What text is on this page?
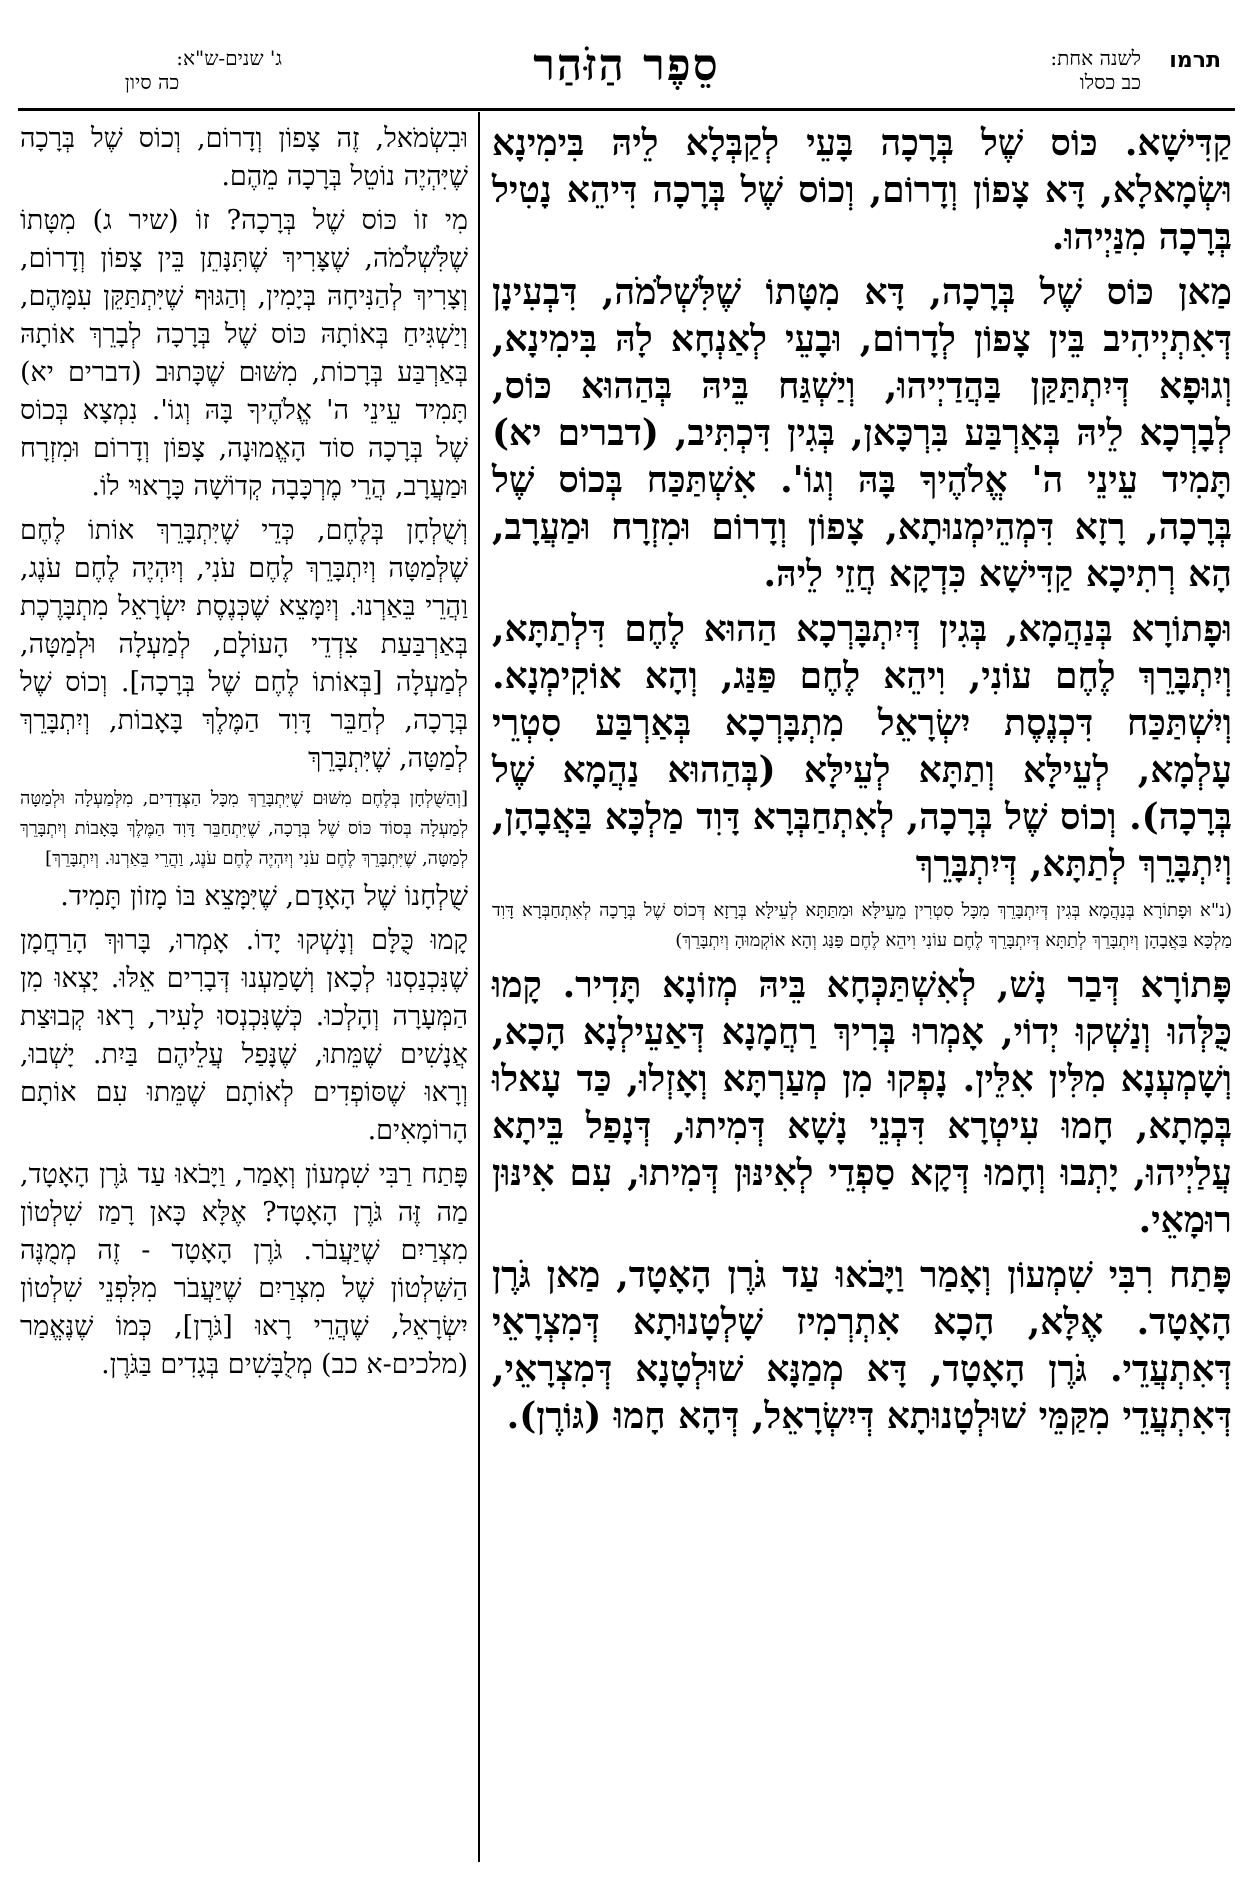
תרמו
לשנה אחת:
כב כסלו
סֵפֶר הַזֹּהַר
ג' שנים-ש"א:
כה סיון

קַדִּישָׁא. כּוֹס שֶׁל בְּרָכָה בָּעֵי לְקַבְּלָא לֵיהּ בִּימִינָא וּשְׂמָאלָא, דָּא צָפוֹן וְדָרוֹם, וְכוֹס שֶׁל בְּרָכָה דִּיהֵא נָטִיל בְּרָכָה מִנַּיְיהוּ.

מַאן כּוֹס שֶׁל בְּרָכָה, דָּא מִטָּתוֹ שֶׁלִּשְׁלֹמֹה, דִּבְעִינָן דְּאִתְיְיהִיב בֵּין צָפוֹן לְדָרוֹם, וּבָעֵי לְאַנְחָא לָהּ בִּימִינָא, וְגוּפָא דְּיִתְתַּקַּן בַּהֲדַיְיהוּ, וְיַשְׁגַּח בֵּיהּ בְּהַהוּא כּוֹס, לְבָרְכָא לֵיהּ בְּאַרְבַּע בִּרְכָּאן, בְּגִין דִּכְתִּיב, (דברים יא) תָּמִיד עֵינֵי ה' אֱלֹהֶיךָ בָּהּ וְגוֹ'. אִשְׁתַּכַּח בְּכוֹס שֶׁל בְּרָכָה, רָזָא דִּמְהֵימְנוּתָא, צָפוֹן וְדָרוֹם וּמִזְרָח וּמַעֲרָב, הָא רְתִיכָא קַדִּישָׁא כִּדְקָא חֲזֵי לֵיהּ.

וּפָתוֹרָא בְּנַהֲמָא, בְּגִין דְּיִתְבָּרְכָא הַהוּא לֶחֶם דִּלְתַתָּא, וְיִתְבָּרֵךְ לֶחֶם עוֹנִי, וִיהֵא לֶחֶם פַּנַּג, וְהָא אוֹקִימְנָא. וְיִשְׁתַּכַּח דִּכְנֶסֶת יִשְׂרָאֵל מִתְבָּרְכָא בְּאַרְבַּע סִטְרֵי עָלְמָא, לְעֵילָּא וְתַתָּא לְעֵילָּא (בְּהַהוּא נַהֲמָא שֶׁל בְּרָכָה). וְכוֹס שֶׁל בְּרָכָה, לְאִתְחַבְּרָא דָּוִד מַלְכָּא בַּאֲבָהָן, וְיִתְבָּרֵךְ לְתַתָּא, דְּיִתְבָּרֵךְ

(נ"א וּפָתוֹרָא בְּנַהֲמָא בְּגִין דְּיִתְבָּרֵךְ מִכָּל סִטְרִין מֵעֵילָּא וּמִתַּתָּא לְעֵילָּא בְּרָזָא דְּכוֹס שֶׁל בְּרָכָה לְאִתְחַבְּרָא דָּוִד מַלְכָּא בַּאֲבָהָן וְיִתְבָּרֵךְ לְתַתָּא דְּיִתְבָּרֵךְ לֶחֶם עוֹנִי וִיהֵא לֶחֶם פַּנַּג וְהָא אוֹקְמוּהָ וְיִתְבָּרֵךְ)

פָּתוֹרָא דְּבַר נָשׁ, לְאִשְׁתַּכְּחָא בֵּיהּ מְזוֹנָא תָּדִיר. קָמוּ כֻּלְּהוּ וְנַשְׁקוּ יְדוֹי, אָמְרוּ בְּרִיךְ רַחֲמָנָא דְּאַעֵילְנָא הָכָא, וְשָׁמְעְנָא מִלִּין אִלֵּין. נָפְקוּ מִן מְעַרְתָּא וְאָזְלוּ, כַּד עָאלוּ בְּמָתָא, חָמוּ עִיטְרָא דִּבְנֵי נָשָׁא דְּמִיתוּ, דְּנָפַל בֵּיתָא עֲלַיְיהוּ, יָתְבוּ וְחָמוּ דְּקָא סַפְדֵי לְאִינּוּן דְּמִיתוּ, עִם אִינּוּן רוּמָאֵי.

פָּתַח רִבִּי שִׁמְעוֹן וְאָמַר וַיָּבֹאוּ עַד גֹּרֶן הָאָטָד, מַאן גֹּרֶן הָאָטָד. אֶלָּא, הָכָא אִתְרְמִיז שָׁלְטָנוּתָא דְּמִצְרָאֵי דְּאִתְעֲדֵי. גֹּרֶן הָאָטָד, דָּא מְמַנָּא שׁוּלְטָנָא דְּמִצְרָאֵי, דְּאִתְעֲדֵי מִקַּמֵּי שׁוּלְטָנוּתָא דְּיִשְׂרָאֵל, דְּהָא חָמוּ (גּוֹרֶן).

וּבִשְׂמֹאל, זֶה צָפוֹן וְדָרוֹם, וְכוֹס שֶׁל בְּרָכָה שֶׁיִּהְיֶה נוֹטֵל בְּרָכָה מֵהֶם.

מִי זוֹ כּוֹס שֶׁל בְּרָכָה? זוֹ (שיר ג) מִטָּתוֹ שֶׁלִּשְׁלֹמֹה, שֶׁצָּרִיךְ שֶׁתִּנָּתֵן בֵּין צָפוֹן וְדָרוֹם, וְצָרִיךְ לְהַנִּיחָהּ בְּיָמִין, וְהַגּוּף שֶׁיִּתְתַּקֵּן עִמָּהֶם, וְיַשְׁגִּיחַ בְּאוֹתָהּ כּוֹס שֶׁל בְּרָכָה לְבָרֵךְ אוֹתָהּ בְּאַרְבַּע בְּרָכוֹת, מִשּׁוּם שֶׁכָּתוּב (דברים יא) תָּמִיד עֵינֵי ה' אֱלֹהֶיךָ בָּהּ וְגוֹ'. נִמְצָא בְּכוֹס שֶׁל בְּרָכָה סוֹד הָאֱמוּנָה, צָפוֹן וְדָרוֹם וּמִזְרָח וּמַעֲרָב, הֲרֵי מֶרְכָּבָה קְדוֹשָׁה כָּרָאוּי לוֹ.

וְשֻׁלְחָן בְּלֶחֶם, כְּדֵי שֶׁיִּתְבָּרֵךְ אוֹתוֹ לֶחֶם שֶׁלְּמַטָּה וְיִתְבָּרֵךְ לֶחֶם עֹנִי, וְיִהְיֶה לֶחֶם עֹנֶג, וַהֲרֵי בֵּאַרְנוּ. וְיִמָּצֵא שֶׁכְּנֶסֶת יִשְׂרָאֵל מִתְבָּרֶכֶת בְּאַרְבַּעַת צִדְדֵי הָעוֹלָם, לְמַעְלָה וּלְמַטָּה, לְמַעְלָה [בְּאוֹתוֹ לֶחֶם שֶׁל בְּרָכָה]. וְכוֹס שֶׁל בְּרָכָה, לְחַבֵּר דָּוִד הַמֶּלֶךְ בָּאָבוֹת, וְיִתְבָּרֵךְ לְמַטָּה, שֶׁיִּתְבָּרֵךְ

[וְהַשֻּׁלְחָן בְּלֶחֶם מִשּׁוּם שֶׁיִּתְבָּרֵךְ מִכָּל הַצְּדָדִים, מִלְּמַעְלָה וּלְמַטָּה לְמַעְלָה בְּסוֹד כּוֹס שֶׁל בְּרָכָה, שֶׁיִּתְחַבֵּר דָּוִד הַמֶּלֶךְ בָּאָבוֹת וְיִתְבָּרֵךְ לְמַטָּה, שֶׁיִּתְבָּרֵךְ לֶחֶם עֹנִי וְיִהְיֶה לֶחֶם עֹנֶג, וַהֲרֵי בֵּאַרְנוּ. וְיִתְבָּרֵךְ]

שֻׁלְחָנוֹ שֶׁל הָאָדָם, שֶׁיִּמָּצֵא בּוֹ מָזוֹן תָּמִיד.

קָמוּ כֻּלָּם וְנָשְׁקוּ יָדוֹ. אָמְרוּ, בָּרוּךְ הָרַחֲמָן שֶׁנִּכְנַסְנוּ לְכָאן וְשָׁמַעְנוּ דְּבָרִים אֵלּוּ. יָצְאוּ מִן הַמְּעָרָה וְהָלְכוּ. כְּשֶׁנִּכְנְסוּ לָעִיר, רָאוּ קְבוּצַת אֲנָשִׁים שֶׁמֵּתוּ, שֶׁנָּפַל עֲלֵיהֶם בַּיִת. יָשְׁבוּ, וְרָאוּ שֶׁסּוֹפְדִים לְאוֹתָם שֶׁמֵּתוּ עִם אוֹתָם הָרוֹמָאִים.

פָּתַח רַבִּי שִׁמְעוֹן וְאָמַר, וַיָּבֹאוּ עַד גֹּרֶן הָאָטָד, מַה זֶּה גֹּרֶן הָאָטָד? אֶלָּא כָּאן רָמַז שִׁלְטוֹן מִצְרַיִם שֶׁיַּעֲבֹר. גֹּרֶן הָאָטָד - זֶה מְמֻנֶּה הַשִּׁלְטוֹן שֶׁל מִצְרַיִם שֶׁיַּעֲבֹר מִלִּפְנֵי שִׁלְטוֹן יִשְׂרָאֵל, שֶׁהֲרֵי רָאוּ [גֹּרֶן], כְּמוֹ שֶׁנֶּאֱמַר (מלכים-א כב) מְלֻבָּשִׁים בְּגָדִים בַּגֹּרֶן.
